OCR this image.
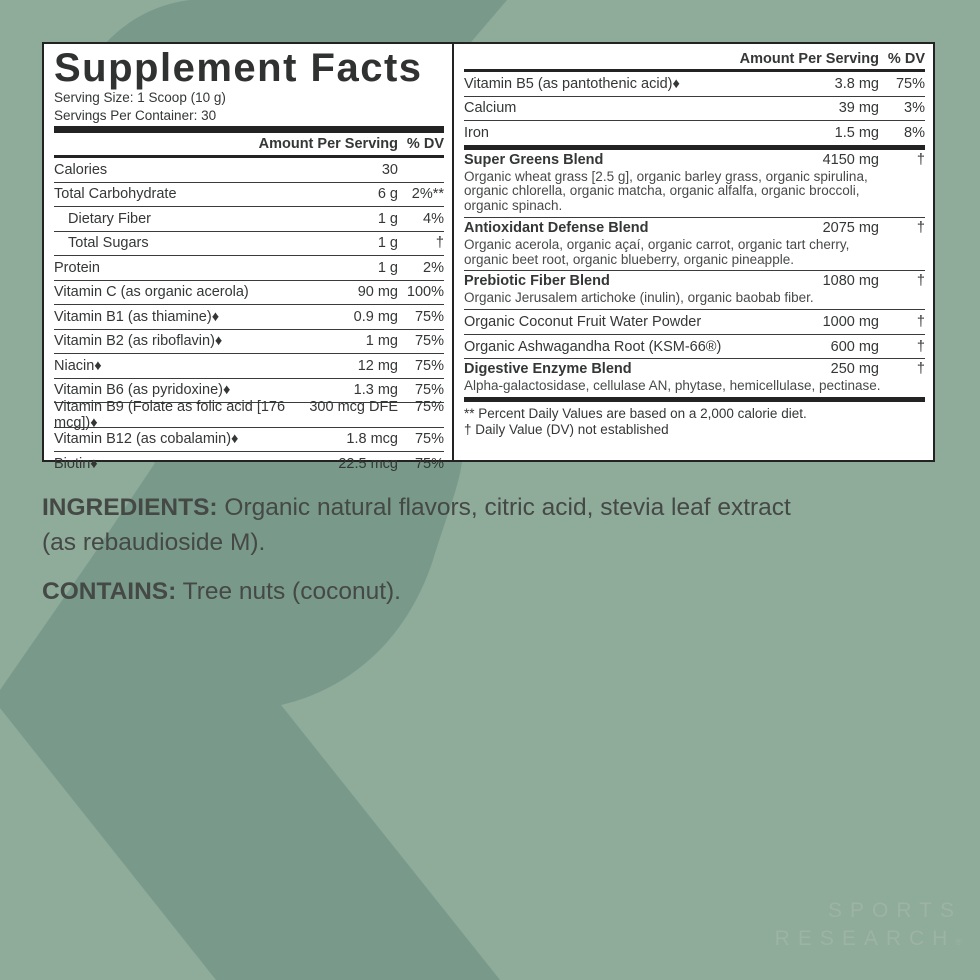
Supplement Facts
Serving Size: 1 Scoop (10 g)
Servings Per Container: 30
Amount Per Serving % DV
Calories	30
Total Carbohydrate	6 g 2%**
Dietary Fiber	1 g	4%
Total Sugars	1 g	†
Protein	1 g	2%
Vitamin C (as organic acerola)	90 mg 100%
Vitamin B1 (as thiamine)♦	0.9 mg	75%
Vitamin B2 (as riboflavin)♦	1 mg	75%
Niacin♦	12 mg	75%
Vitamin B6 (as pyridoxine)♦	1.3 mg	75%
Vitamin B9 (Folate as folic acid [176 mcg])♦
300 mcg DFE	75%
Vitamin B12 (as cobalamin)♦	1.8 mcg	75%
Biotin♦	22.5 mcg	75%
Amount Per Serving % DV
Vitamin B5 (as pantothenic acid)♦	3.8 mg	75%
Calcium	39 mg	3%
Iron	1.5 mg	8%
Super Greens Blend	4150 mg	†
Organic wheat grass [2.5 g], organic barley grass, organic spirulina, organic chlorella, organic matcha, organic alfalfa, organic broccoli, organic spinach.
Antioxidant Defense Blend	2075 mg	†
Organic acerola, organic açaí, organic carrot, organic tart cherry, organic beet root, organic blueberry, organic pineapple.
Prebiotic Fiber Blend	1080 mg	†
Organic Jerusalem artichoke (inulin), organic baobab fiber.
Organic Coconut Fruit Water Powder	1000 mg	†
Organic Ashwagandha Root (KSM-66®)	600 mg	†
Digestive Enzyme Blend	250 mg	†
Alpha-galactosidase, cellulase AN, phytase, hemicellulase, pectinase.
** Percent Daily Values are based on a 2,000 calorie diet.
† Daily Value (DV) not established

INGREDIENTS: Organic natural flavors, citric acid, stevia leaf extract (as rebaudioside M).

CONTAINS: Tree nuts (coconut).

SPORTS
RESEARCH®
